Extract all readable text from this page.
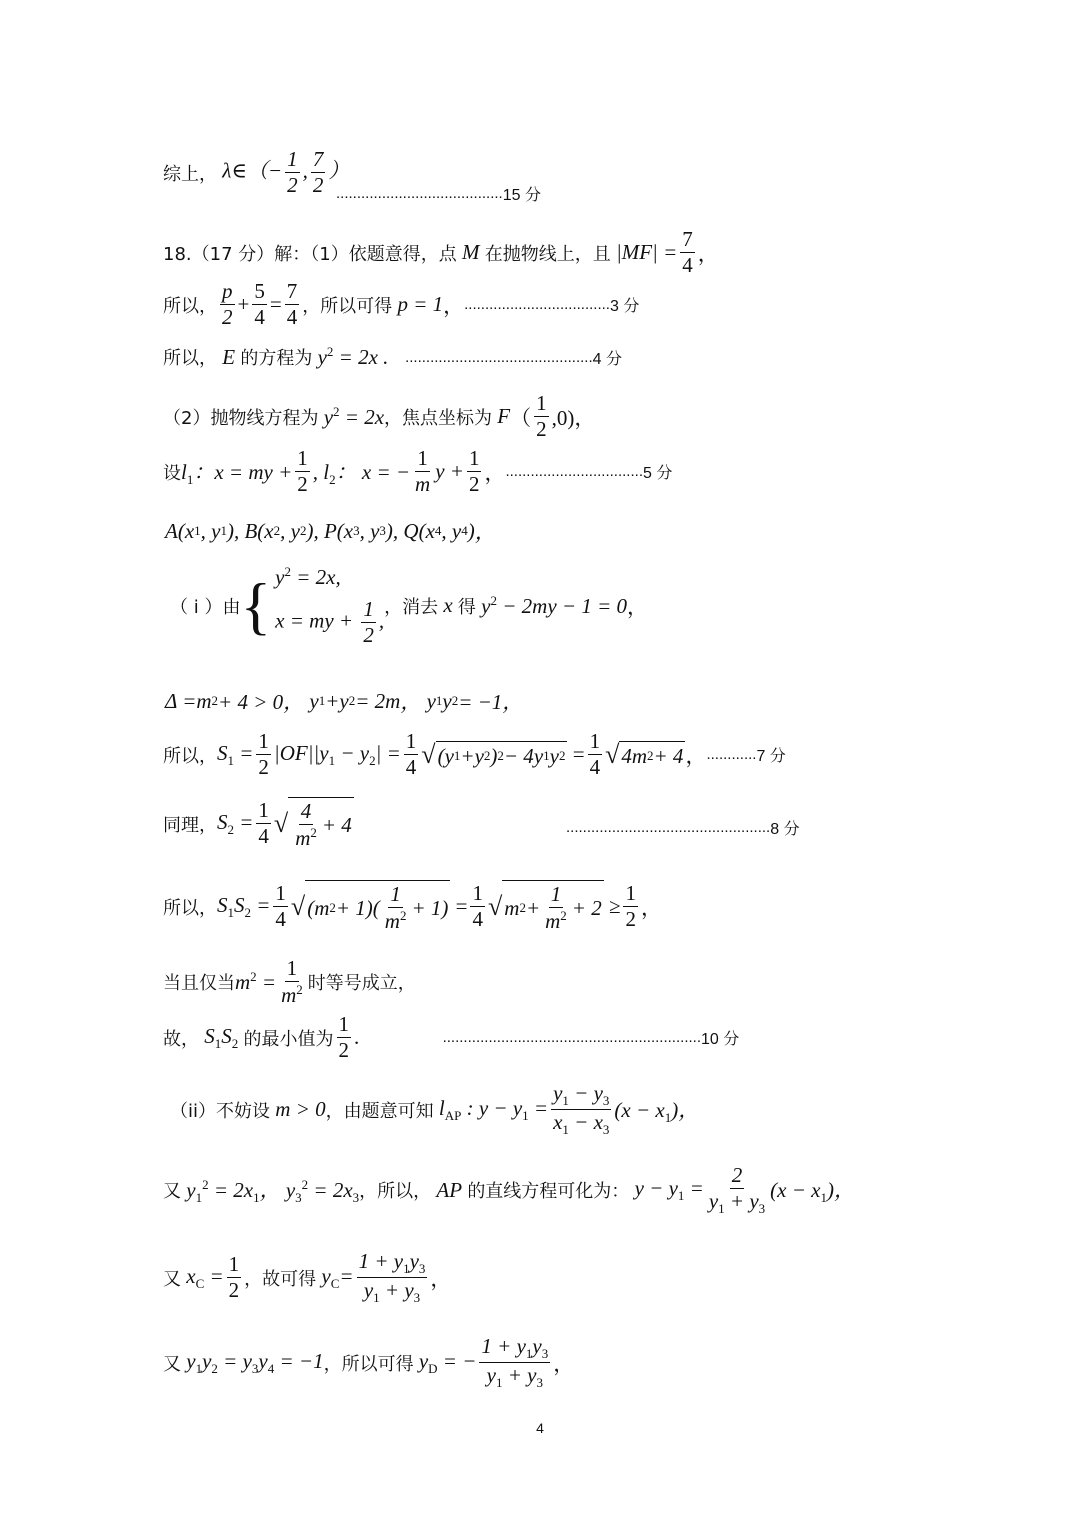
综上， λ∈（− $\frac{1}{2}$ , $\frac{7}{2}$ ）
........................................ 15 分
18.（17 分）解：（1）依题意得，点 M 在抛物线上，且 $|MF| = \frac{7}{4}$ ，
所以， $\frac{p}{2} + \frac{5}{4} = \frac{7}{4}$ ，所以可得 p = 1 ， ................................... 3 分
所以， E 的方程为 $y^2 = 2x$ . ............................................. 4 分
（2）抛物线方程为 $y^2 = 2x$ ，焦点坐标为 F （ $\frac{1}{2} ,0$)，
设 $l_1$：x = my + $\frac{1}{2}$ , $l_2$： x = − $\frac{1}{m}$ $y + \frac{1}{2}$ ， ................................. 5 分
A(x 1 , y 1 ), B(x 2 , y 2 ), P(x 3 , y 3 ), Q(x 4 , y 4 ) ，
（ i ）由 { $y^2 = 2x$,
x = my + $\frac{1}{2}$ ,
，消去 x 得 $y^2 - 2my - 1 = 0$ ，
Δ = m 2 + 4 > 0， y 1 + y 2 = 2 m ， y 1 y 2 = −1，
所以， $S_1 = \frac{1}{2} |OF||y_1 - y_2| = \frac{1}{4}$ √ ( y 1 + y 2 ) 2 − 4 y 1 y $2 = \frac{1}{4}$ √ 4 m 2 + 4 ， ............ 7 分
同理， $S_2 = \frac{1}{4}$ √ $\frac{4}{m^2} + 4$	................................................. 8 分
所以， $S_1S_2 = \frac{1}{4}$ √ ( m $2 + 1)( \frac{1}{m^2} + 1) = \frac{1}{4}$ √ m $2 + \frac{1}{m^2} + 2 \ge \frac{1}{2}$ ，
当且仅当 $m^2 = \frac{1}{m^2}$ 时等号成立，
故， $S_1S_2$ 的最小值为 $\frac{1}{2}$ . .............................................................. 10 分
（ii）不妨设 m > 0 ，由题意可知 $l_{AP}$ : $y - y_1 = \frac{y_1 - y_3}{x_1 - x_3} (x - x_1)$，
又 $y_1^2 = 2x_1$， $y_3^2 = 2x_3$ ，所以， AP 的直线方程可化为： $y - y_1 = \frac{2}{y_1 + y_3} (x - x_1)$，
又 $x_C = \frac{1}{2}$ ，故可得 $y_C= \frac{1 + y_1y_3}{y_1 + y_3}$ ，
又 $y_1y_2 = y_3y_4 = -1$ ，所以可得 $y_D$ = − $\frac{1 + y_1y_3}{y_1 + y_3}$ ，
4
